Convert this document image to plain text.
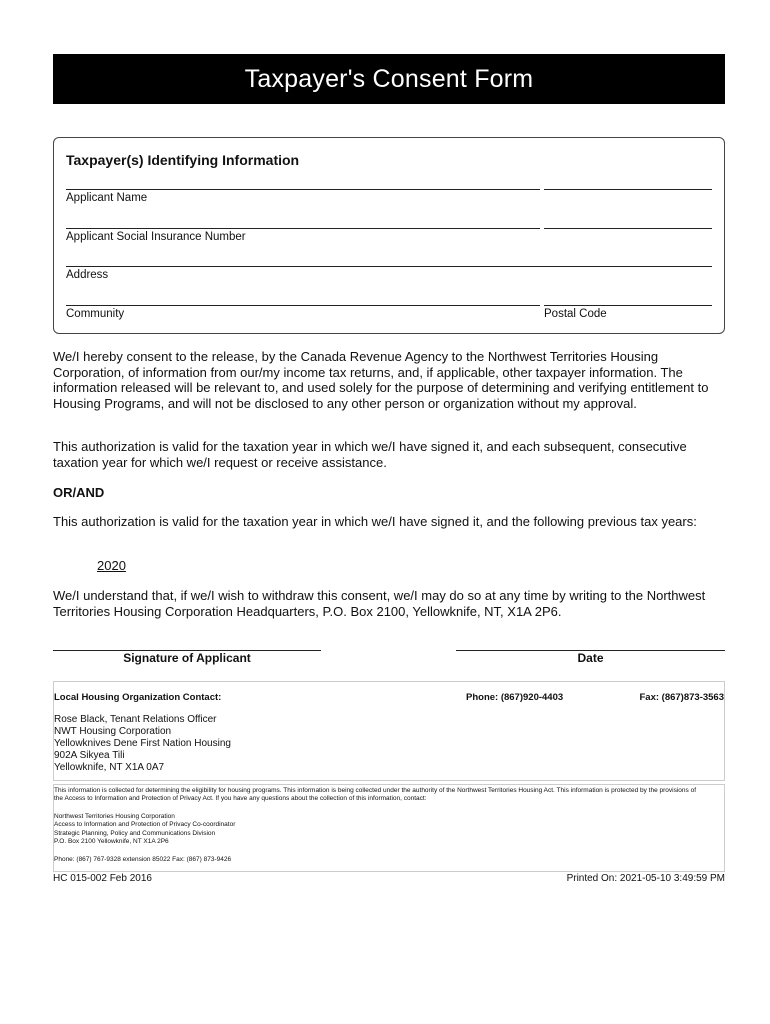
Taxpayer's Consent Form
Taxpayer(s) Identifying Information
Applicant Name
Applicant Social Insurance Number
Address
Community	Postal Code
We/I hereby consent to the release, by the Canada Revenue Agency to the Northwest Territories Housing Corporation, of information from our/my income tax returns, and, if applicable, other taxpayer information. The information released will be relevant to, and used solely for the purpose of determining and verifying entitlement to Housing Programs, and will not be disclosed to any other person or organization without my approval.
This authorization is valid for the taxation year in which we/I have signed it, and each subsequent, consecutive taxation year for which we/I request or receive assistance.
OR/AND
This authorization is valid for the taxation year in which we/I have signed it, and the following previous tax years:
2020
We/I understand that, if we/I wish to withdraw this consent, we/I may do so at any time by writing to the Northwest Territories Housing Corporation Headquarters, P.O. Box 2100, Yellowknife, NT, X1A 2P6.
Signature of Applicant	Date
Local Housing Organization Contact:	Phone: (867)920-4403	Fax: (867)873-3563
Rose Black, Tenant Relations Officer
NWT Housing Corporation
Yellowknives Dene First Nation Housing
902A Sikyea Tili
Yellowknife, NT X1A 0A7
This information is collected for determining the eligibility for housing programs. This information is being collected under the authority of the Northwest Territories Housing Act. This information is protected by the provisions of the Access to Information and Protection of Privacy Act. If you have any questions about the collection of this information, contact:
Northwest Territories Housing Corporation
Access to Information and Protection of Privacy Co-coordinator
Strategic Planning, Policy and Communications Division
P.O. Box 2100 Yellowknife, NT X1A 2P6
Phone: (867) 767-9328 extension 85022 Fax: (867) 873-9426
HC 015-002 Feb 2016	Printed On: 2021-05-10 3:49:59 PM
